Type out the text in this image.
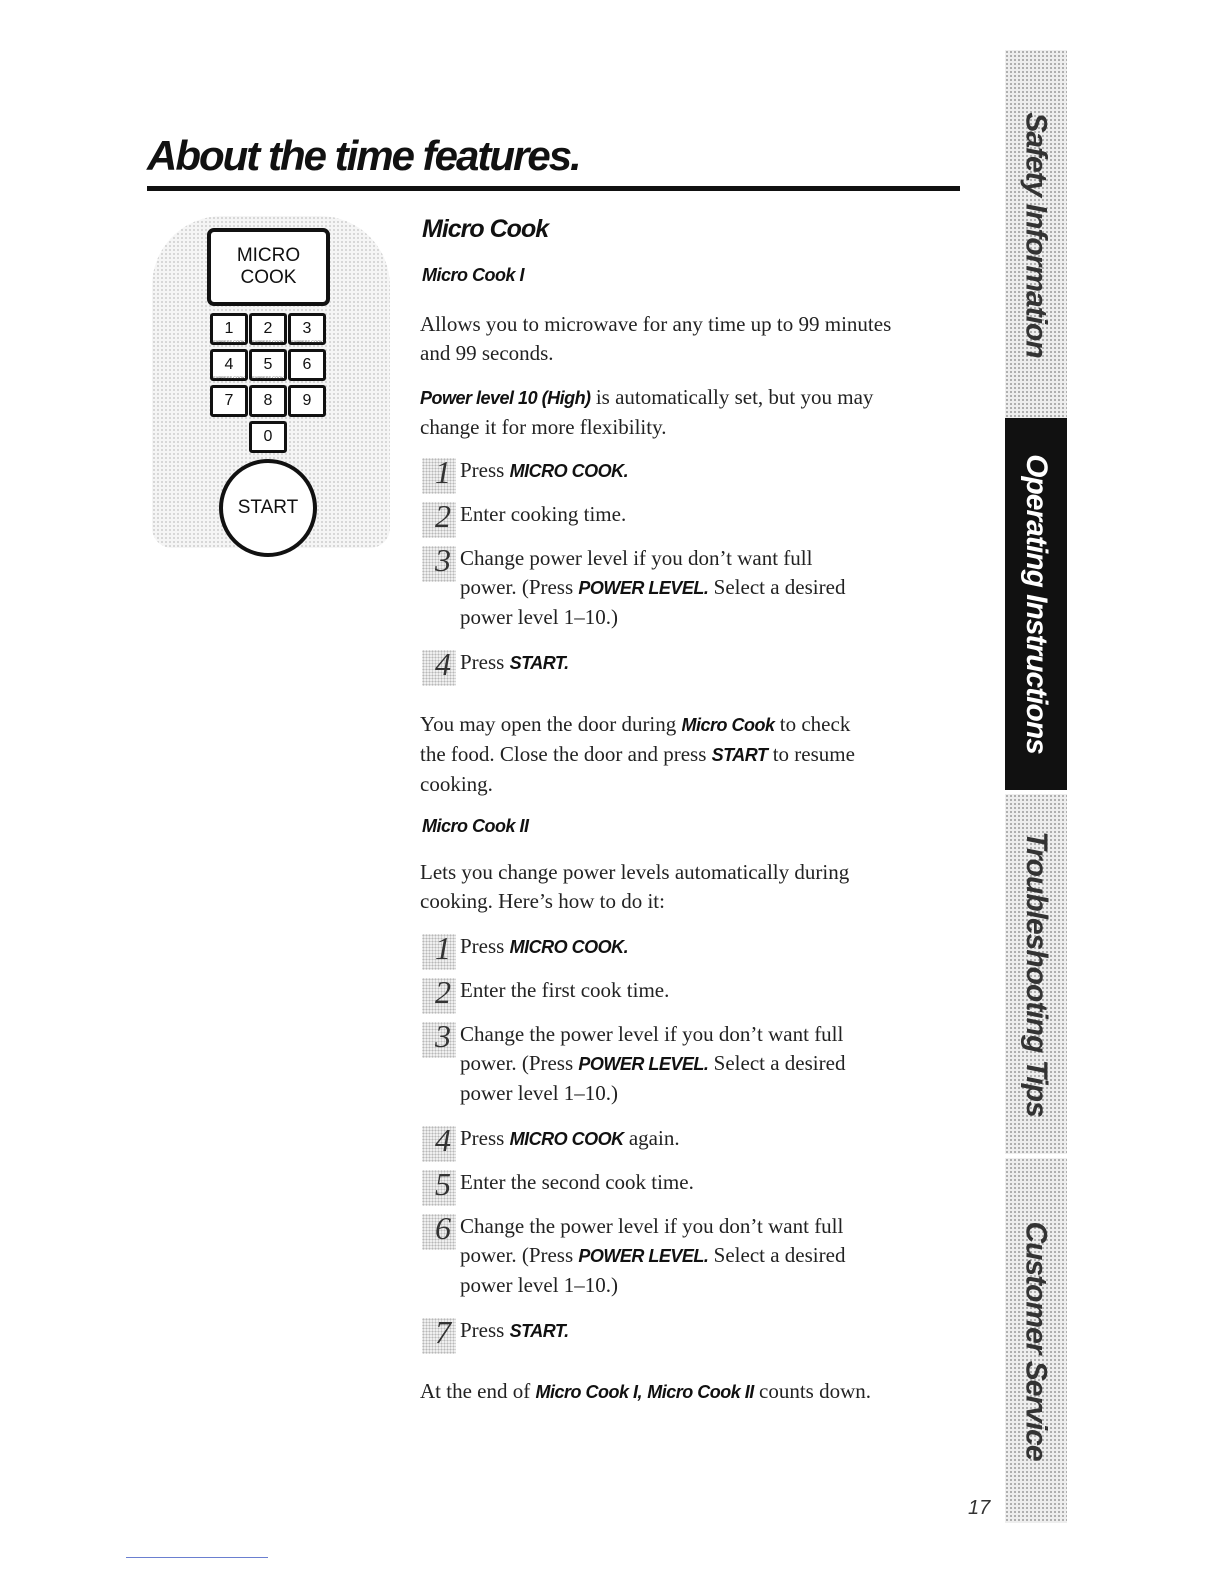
About the time features.
MICRO
COOK
1
EXPRESS COOK
2
EXPRESS COOK
3
EXPRESS COOK
4
EXPRESS COOK
5
EXPRESS COOK
6
7	8	9
0
START
Micro Cook
Micro Cook I
Allows you to microwave for any time up to 99 minutes
and 99 seconds.
Power level 10 (High) is automatically set, but you may
change it for more flexibility.
1 Press MICRO COOK.
2 Enter cooking time.
3 Change power level if you don’t want full
power. (Press POWER LEVEL. Select a desired
power level 1–10.)
4 Press START.
You may open the door during Micro Cook to check
the food. Close the door and press START to resume
cooking.
Micro Cook II
Lets you change power levels automatically during
cooking. Here’s how to do it:
1 Press MICRO COOK.
2 Enter the first cook time.
3 Change the power level if you don’t want full
power. (Press POWER LEVEL. Select a desired
power level 1–10.)
4 Press MICRO COOK again.
5 Enter the second cook time.
6 Change the power level if you don’t want full
power. (Press POWER LEVEL. Select a desired
power level 1–10.)
7 Press START.
At the end of Micro Cook I, Micro Cook II counts down.
Safety Information
Operating Instructions
Troubleshooting Tips
Customer Service
17
